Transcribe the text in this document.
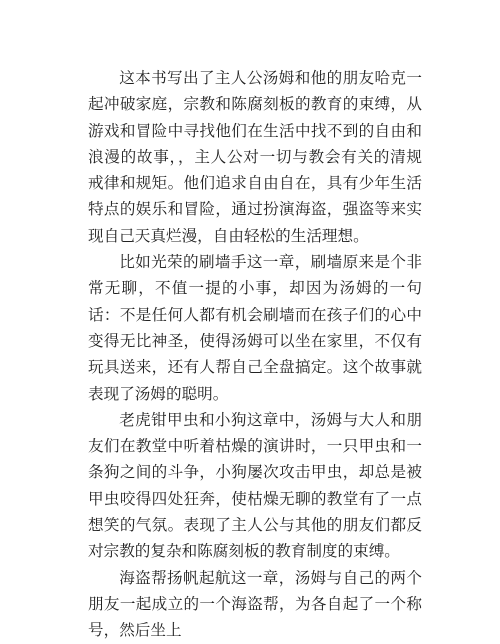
这本书写出了主人公汤姆和他的朋友哈克一起冲破家庭，宗教和陈腐刻板的教育的束缚，从游戏和冒险中寻找他们在生活中找不到的自由和浪漫的故事，，主人公对一切与教会有关的清规戒律和规矩。他们追求自由自在，具有少年生活特点的娱乐和冒险，通过扮演海盗，强盗等来实现自己天真烂漫，自由轻松的生活理想。

比如光荣的刷墙手这一章，刷墙原来是个非常无聊，不值一提的小事，却因为汤姆的一句话：不是任何人都有机会刷墙而在孩子们的心中变得无比神圣，使得汤姆可以坐在家里，不仅有玩具送来，还有人帮自己全盘搞定。这个故事就表现了汤姆的聪明。

老虎钳甲虫和小狗这章中，汤姆与大人和朋友们在教堂中听着枯燥的演讲时，一只甲虫和一条狗之间的斗争，小狗屡次攻击甲虫，却总是被甲虫咬得四处狂奔，使枯燥无聊的教堂有了一点想笑的气氛。表现了主人公与其他的朋友们都反对宗教的复杂和陈腐刻板的教育制度的束缚。

海盗帮扬帆起航这一章，汤姆与自己的两个朋友一起成立的一个海盗帮，为各自起了一个称号，然后坐上
